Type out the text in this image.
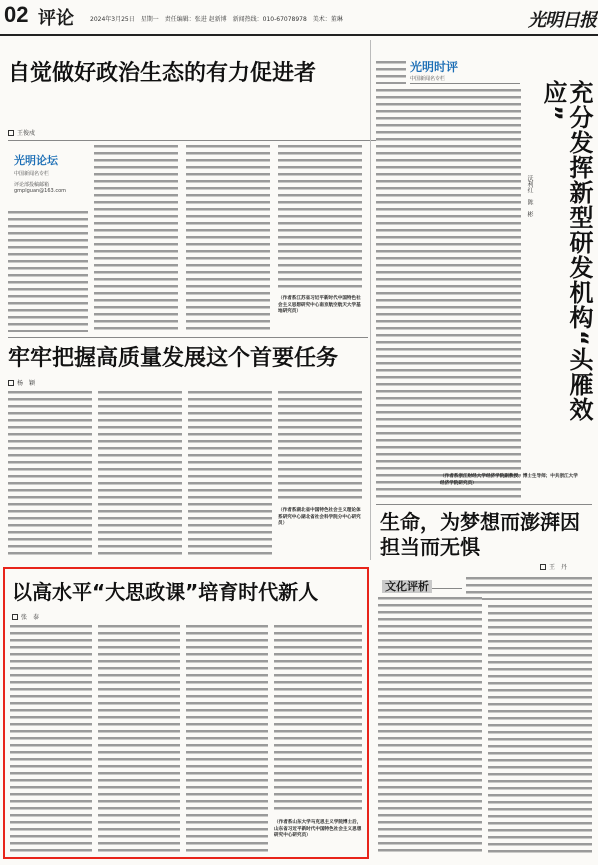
02 评论	2024年3月25日　星期一　责任编辑：张进 赵新博　新闻热线：010-67078978　美术：董琳	光明日报
自觉做好政治生态的有力促进者
王俊戍
光明论坛
中国新闻名专栏
评论部投稿邮箱
gmplguan@163.com
（作者系江苏省习近平新时代中国特色社会主义思想研究中心南京航空航天大学基地研究员）
光明时评
中国新闻名专栏
（作者系浙江财经大学经济学院副教授、博士生导师；中共浙江大学经济学院研究员）
充分发挥新型研发机构“头雁效应”
沃利红　陈　彬
牢牢把握高质量发展这个首要任务
杨　颖
（作者系湖北省中国特色社会主义理论体系研究中心湖北省社会科学院分中心研究员）	生命，为梦想而澎湃因担当而无惧
王　丹
文化评析
以高水平“大思政课”培育时代新人
张　泰
（作者系山东大学马克思主义学院博士后，山东省习近平新时代中国特色社会主义思想研究中心研究员）
